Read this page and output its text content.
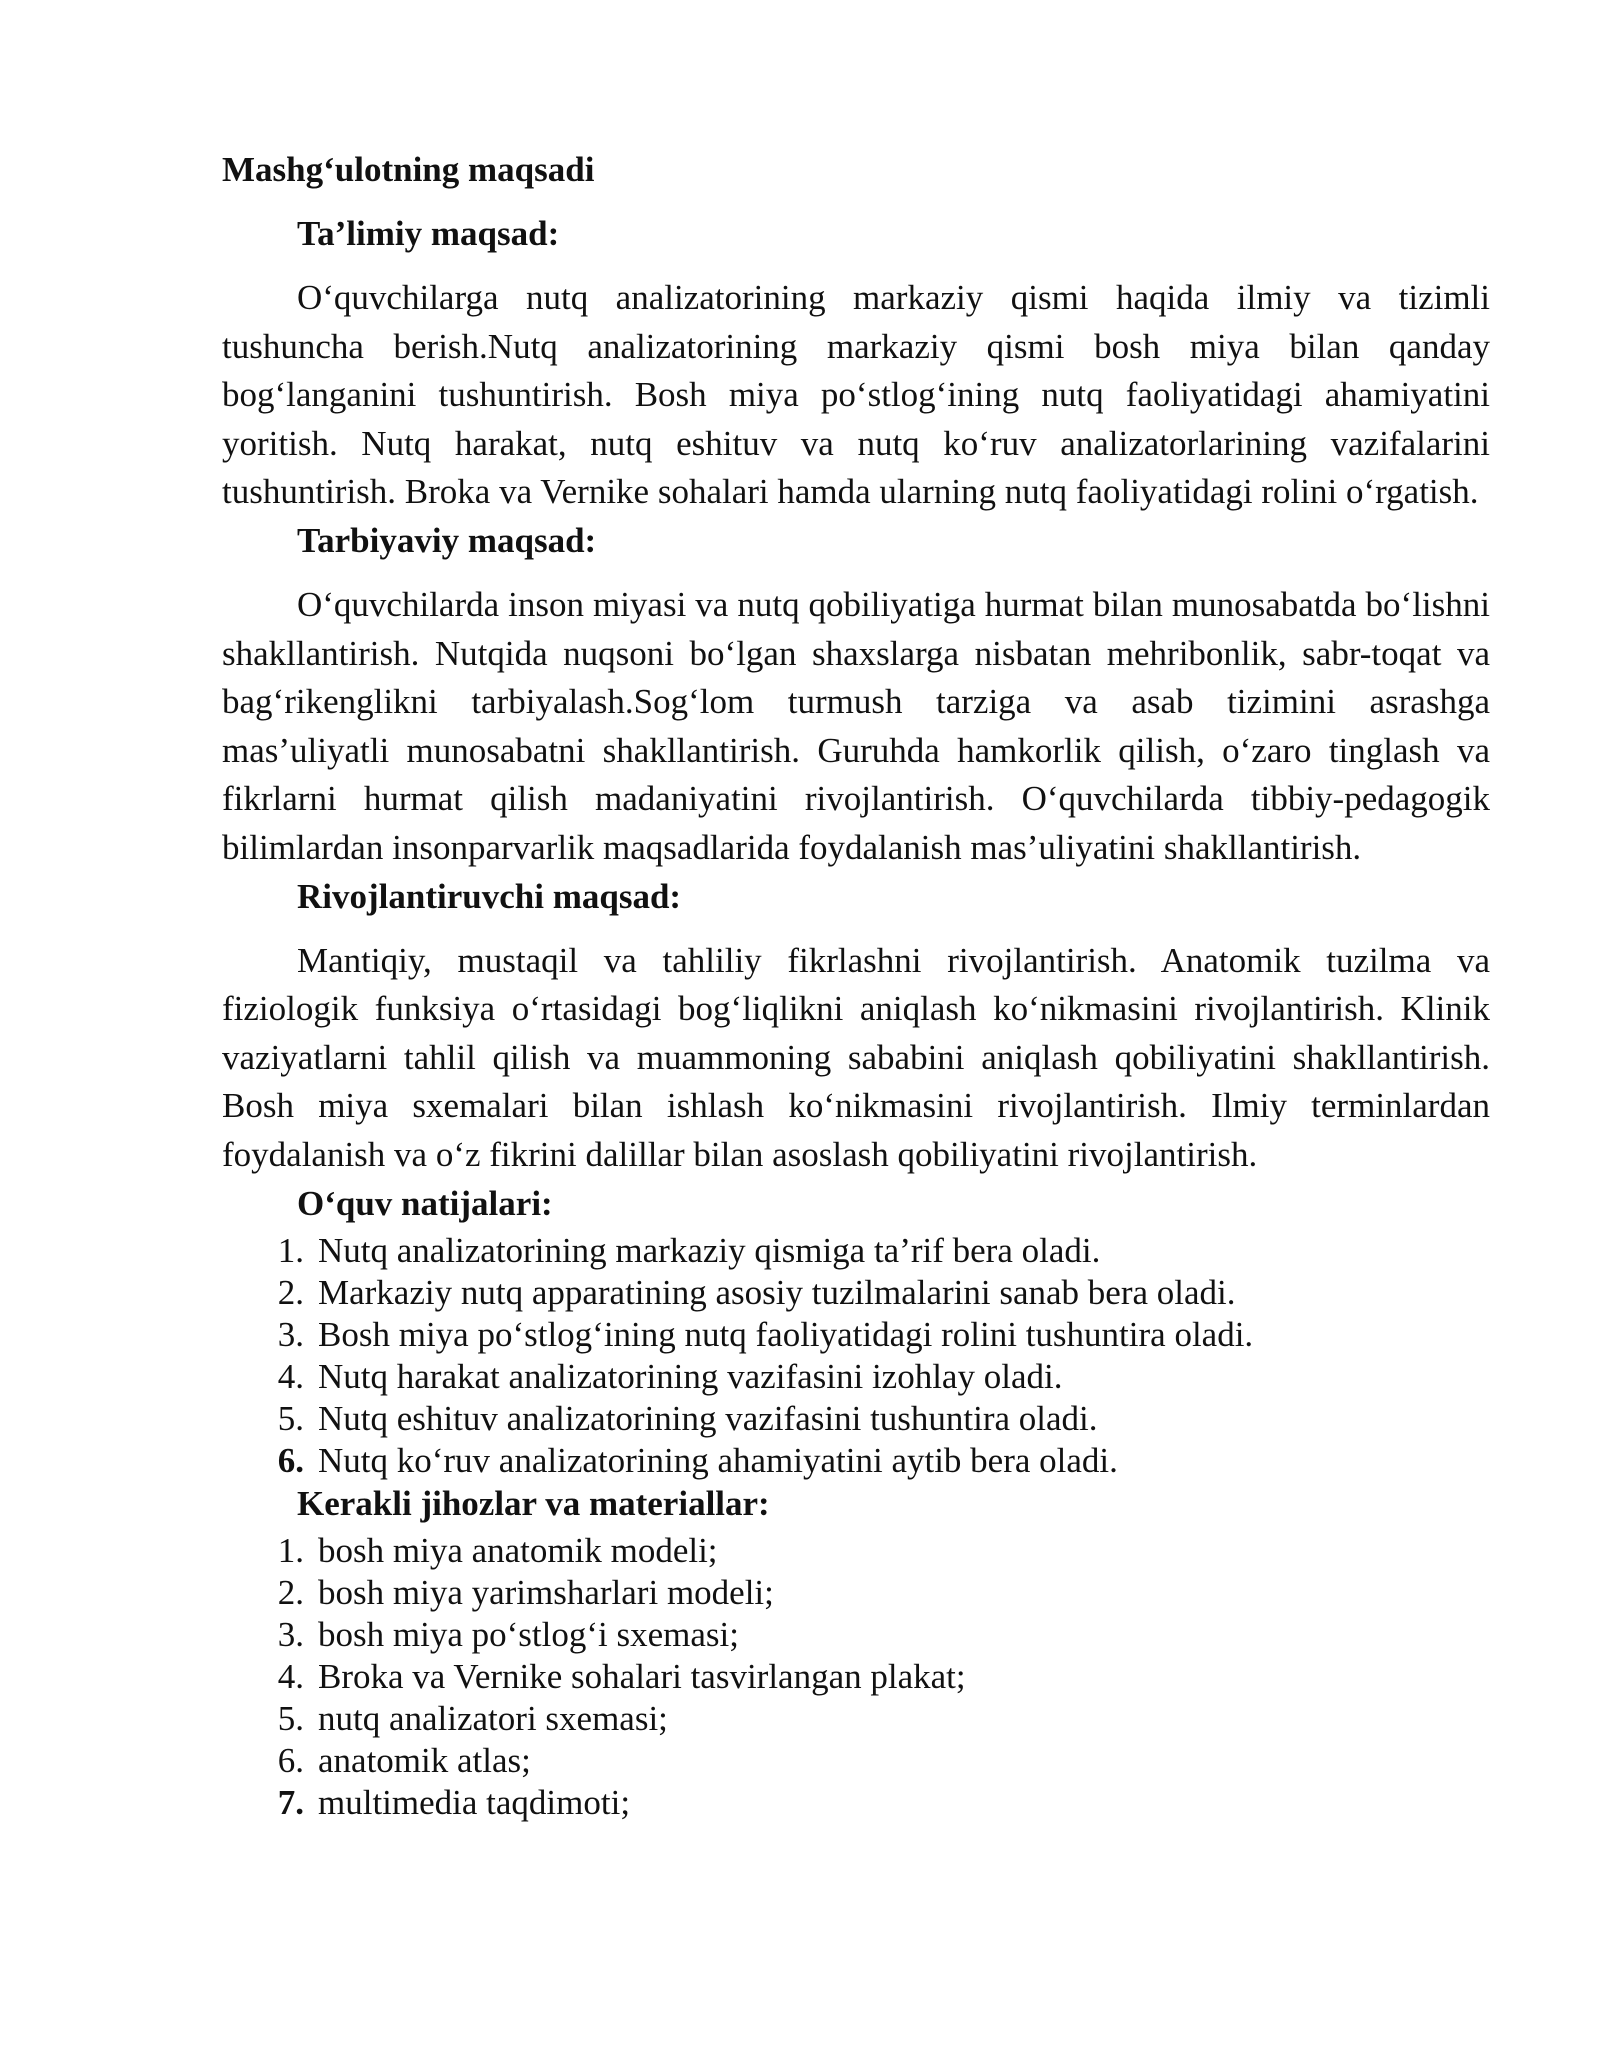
Mashg‘ulotning maqsadi
Ta’limiy maqsad:

O‘quvchilarga nutq analizatorining markaziy qismi haqida ilmiy va tizimli tushuncha berish.Nutq analizatorining markaziy qismi bosh miya bilan qanday bog‘langanini tushuntirish. Bosh miya po‘stlog‘ining nutq faoliyatidagi ahamiyatini yoritish. Nutq harakat, nutq eshituv va nutq ko‘ruv analizatorlarining vazifalarini tushuntirish. Broka va Vernike sohalari hamda ularning nutq faoliyatidagi rolini o‘rgatish.

Tarbiyaviy maqsad:

O‘quvchilarda inson miyasi va nutq qobiliyatiga hurmat bilan munosabatda bo‘lishni shakllantirish. Nutqida nuqsoni bo‘lgan shaxslarga nisbatan mehribonlik, sabr-toqat va bag‘rikenglikni tarbiyalash.Sog‘lom turmush tarziga va asab tizimini asrashga mas’uliyatli munosabatni shakllantirish. Guruhda hamkorlik qilish, o‘zaro tinglash va fikrlarni hurmat qilish madaniyatini rivojlantirish. O‘quvchilarda tibbiy-pedagogik bilimlardan insonparvarlik maqsadlarida foydalanish mas’uliyatini shakllantirish.

Rivojlantiruvchi maqsad:

Mantiqiy, mustaqil va tahliliy fikrlashni rivojlantirish. Anatomik tuzilma va fiziologik funksiya o‘rtasidagi bog‘liqlikni aniqlash ko‘nikmasini rivojlantirish. Klinik vaziyatlarni tahlil qilish va muammoning sababini aniqlash qobiliyatini shakllantirish. Bosh miya sxemalari bilan ishlash ko‘nikmasini rivojlantirish. Ilmiy terminlardan foydalanish va o‘z fikrini dalillar bilan asoslash qobiliyatini rivojlantirish.

O‘quv natijalari:
1. Nutq analizatorining markaziy qismiga ta’rif bera oladi.
2. Markaziy nutq apparatining asosiy tuzilmalarini sanab bera oladi.
3. Bosh miya po‘stlog‘ining nutq faoliyatidagi rolini tushuntira oladi.
4. Nutq harakat analizatorining vazifasini izohlay oladi.
5. Nutq eshituv analizatorining vazifasini tushuntira oladi.
6. Nutq ko‘ruv analizatorining ahamiyatini aytib bera oladi.
Kerakli jihozlar va materiallar:
1. bosh miya anatomik modeli;
2. bosh miya yarimsharlari modeli;
3. bosh miya po‘stlog‘i sxemasi;
4. Broka va Vernike sohalari tasvirlangan plakat;
5. nutq analizatori sxemasi;
6. anatomik atlas;
7. multimedia taqdimoti;
